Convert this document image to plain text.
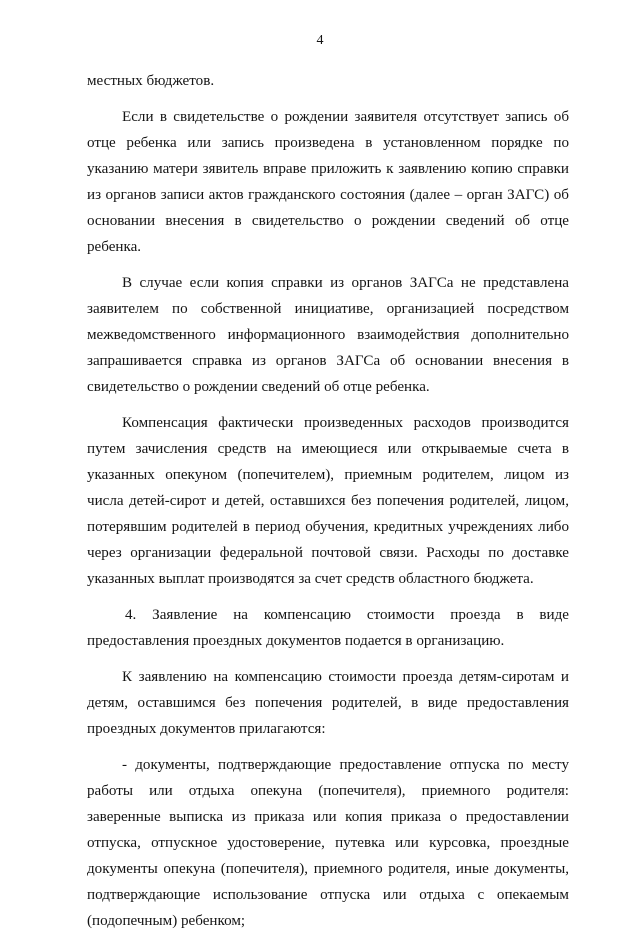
4

местных бюджетов.

Если в свидетельстве о рождении заявителя отсутствует запись об отце ребенка или запись произведена в установленном порядке по указанию матери зявитель вправе приложить к заявлению копию справки из органов записи актов гражданского состояния (далее – орган ЗАГС) об основании внесения в свидетельство о рождении сведений об отце ребенка.

В случае если копия справки из органов ЗАГСа не представлена заявителем по собственной инициативе, организацией посредством межведомственного информационного взаимодействия дополнительно запрашивается справка из органов ЗАГСа об основании внесения в свидетельство о рождении сведений об отце ребенка.

Компенсация фактически произведенных расходов производится путем зачисления средств на имеющиеся или открываемые счета в указанных опекуном (попечителем), приемным родителем, лицом из числа детей-сирот и детей, оставшихся без попечения родителей, лицом, потерявшим родителей в период обучения, кредитных учреждениях либо через организации федеральной почтовой связи. Расходы по доставке указанных выплат производятся за счет средств областного бюджета.

4. Заявление на компенсацию стоимости проезда в виде предоставления проездных документов подается в организацию.

К заявлению на компенсацию стоимости проезда детям-сиротам и детям, оставшимся без попечения родителей, в виде предоставления проездных документов прилагаются:

- документы, подтверждающие предоставление отпуска по месту работы или отдыха опекуна (попечителя), приемного родителя: заверенные выписка из приказа или копия приказа о предоставлении отпуска, отпускное удостоверение, путевка или курсовка, проездные документы опекуна (попечителя), приемного родителя, иные документы, подтверждающие использование отпуска или отдыха с опекаемым (подопечным) ребенком;
